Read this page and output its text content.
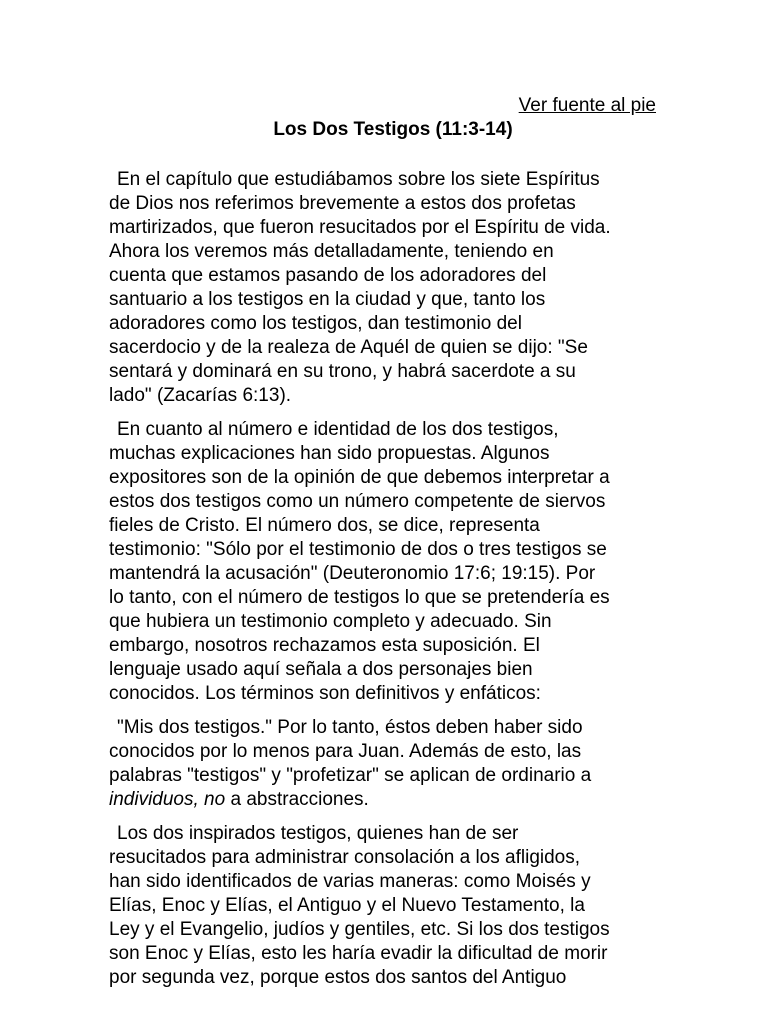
Ver fuente al pie
Los Dos Testigos (11:3-14)

En el capítulo que estudiábamos sobre los siete Espíritus
de Dios nos referimos brevemente a estos dos profetas
martirizados, que fueron resucitados por el Espíritu de vida.
Ahora los veremos más detalladamente, teniendo en
cuenta que estamos pasando de los adoradores del
santuario a los testigos en la ciudad y que, tanto los
adoradores como los testigos, dan testimonio del
sacerdocio y de la realeza de Aquél de quien se dijo: "Se
sentará y dominará en su trono, y habrá sacerdote a su
lado" (Zacarías 6:13).

En cuanto al número e identidad de los dos testigos,
muchas explicaciones han sido propuestas. Algunos
expositores son de la opinión de que debemos interpretar a
estos dos testigos como un número competente de siervos
fieles de Cristo. El número dos, se dice, representa
testimonio: "Sólo por el testimonio de dos o tres testigos se
mantendrá la acusación" (Deuteronomio 17:6; 19:15). Por
lo tanto, con el número de testigos lo que se pretendería es
que hubiera un testimonio completo y adecuado. Sin
embargo, nosotros rechazamos esta suposición. El
lenguaje usado aquí señala a dos personajes bien
conocidos. Los términos son definitivos y enfáticos:

"Mis dos testigos." Por lo tanto, éstos deben haber sido
conocidos por lo menos para Juan. Además de esto, las
palabras "testigos" y "profetizar" se aplican de ordinario a
individuos, no a abstracciones.

Los dos inspirados testigos, quienes han de ser
resucitados para administrar consolación a los afligidos,
han sido identificados de varias maneras: como Moisés y
Elías, Enoc y Elías, el Antiguo y el Nuevo Testamento, la
Ley y el Evangelio, judíos y gentiles, etc. Si los dos testigos
son Enoc y Elías, esto les haría evadir la dificultad de morir
por segunda vez, porque estos dos santos del Antiguo
